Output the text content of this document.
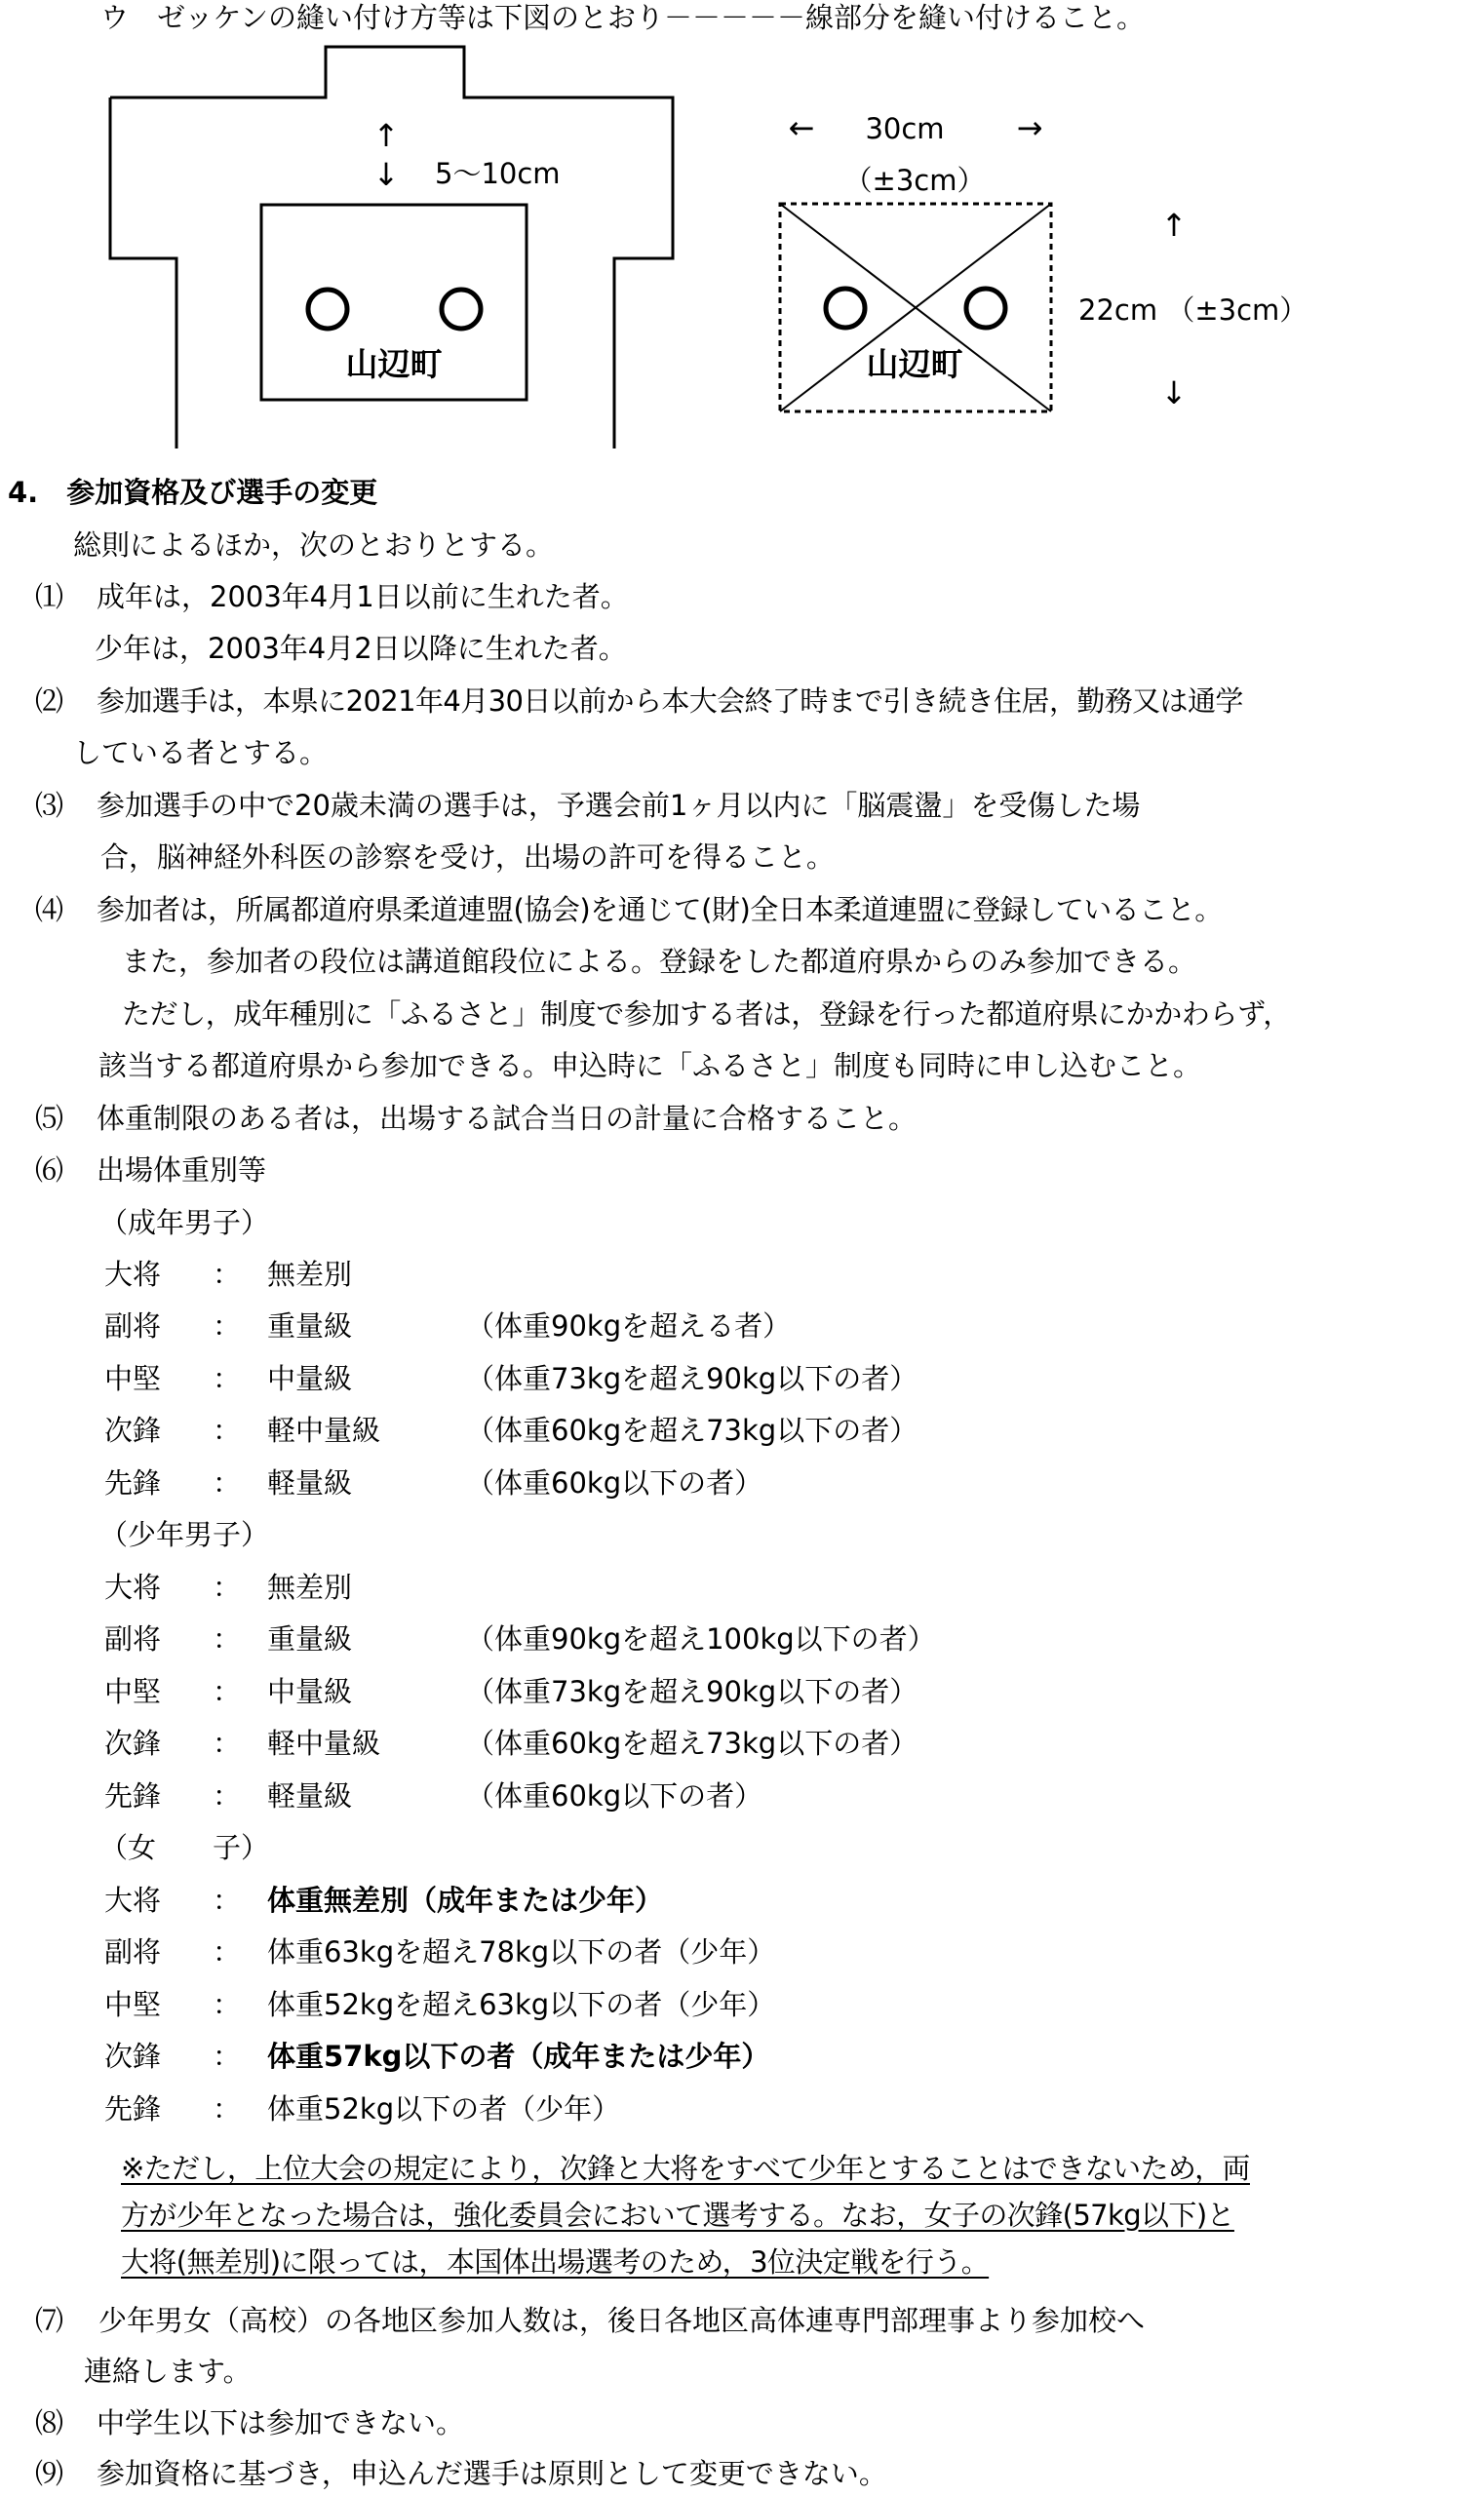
ウ　ゼッケンの縫い付け方等は下図のとおり－－－－－線部分を縫い付けること。
山辺町
↑
↓ 5～10cm
← 30cm →
（±3cm）
山辺町
↑
22cm （±3cm）
↓
4.　参加資格及び選手の変更
総則によるほか，次のとおりとする。
⑴ 成年は，2003年4月1日以前に生れた者。
少年は，2003年4月2日以降に生れた者。
⑵ 参加選手は，本県に2021年4月30日以前から本大会終了時まで引き続き住居，勤務又は通学
している者とする。
⑶ 参加選手の中で20歳未満の選手は，予選会前1ヶ月以内に「脳震盪」を受傷した場
合，脳神経外科医の診察を受け，出場の許可を得ること。
⑷ 参加者は，所属都道府県柔道連盟(協会)を通じて(財)全日本柔道連盟に登録していること。
また，参加者の段位は講道館段位による。登録をした都道府県からのみ参加できる。
ただし，成年種別に「ふるさと」制度で参加する者は，登録を行った都道府県にかかわらず，
該当する都道府県から参加できる。申込時に「ふるさと」制度も同時に申し込むこと。
⑸ 体重制限のある者は，出場する試合当日の計量に合格すること。
⑹ 出場体重別等
（成年男子）
大将 ： 無差別
副将 ： 重量級	（体重90kgを超える者）
中堅 ： 中量級	（体重73kgを超え90kg以下の者）
次鋒 ： 軽中量級	（体重60kgを超え73kg以下の者）
先鋒 ： 軽量級	（体重60kg以下の者）
（少年男子）
大将 ： 無差別
副将 ： 重量級	（体重90kgを超え100kg以下の者）
中堅 ： 中量級	（体重73kgを超え90kg以下の者）
次鋒 ： 軽中量級	（体重60kgを超え73kg以下の者）
先鋒 ： 軽量級	（体重60kg以下の者）
（女　　子）
大将 ： 体重無差別（成年または少年）
副将 ： 体重63kgを超え78kg以下の者（少年）
中堅 ： 体重52kgを超え63kg以下の者（少年）
次鋒 ： 体重57kg以下の者（成年または少年）
先鋒 ： 体重52kg以下の者（少年）
※ただし，上位大会の規定により，次鋒と大将をすべて少年とすることはできないため，両
方が少年となった場合は，強化委員会において選考する。なお，女子の次鋒(57kg以下)と
大将(無差別)に限っては，本国体出場選考のため，3位決定戦を行う。
⑺ 少年男女（高校）の各地区参加人数は，後日各地区高体連専門部理事より参加校へ
連絡します。
⑻ 中学生以下は参加できない。
⑼ 参加資格に基づき，申込んだ選手は原則として変更できない。
